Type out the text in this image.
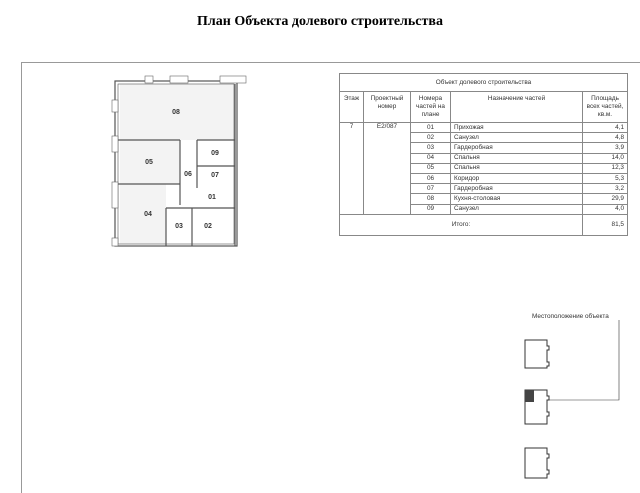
План Объекта долевого строительства
08
05
09
06	07
01
04
03	02
Объект долевого строительства				
Этаж	Проектный номер	Номера частей на плане	Назначение частей	Площадь всех частей, кв.м.
7	Е2/087	01	Прихожая	4,1
		02	Санузел	4,8
		03	Гардеробная	3,9
		04	Спальня	14,0
		05	Спальня	12,3
		06	Коридор	5,3
		07	Гардеробная	3,2
		08	Кухня-столовая	29,9
		09	Санузел	4,0
Итого:				81,5
Местоположение объекта
